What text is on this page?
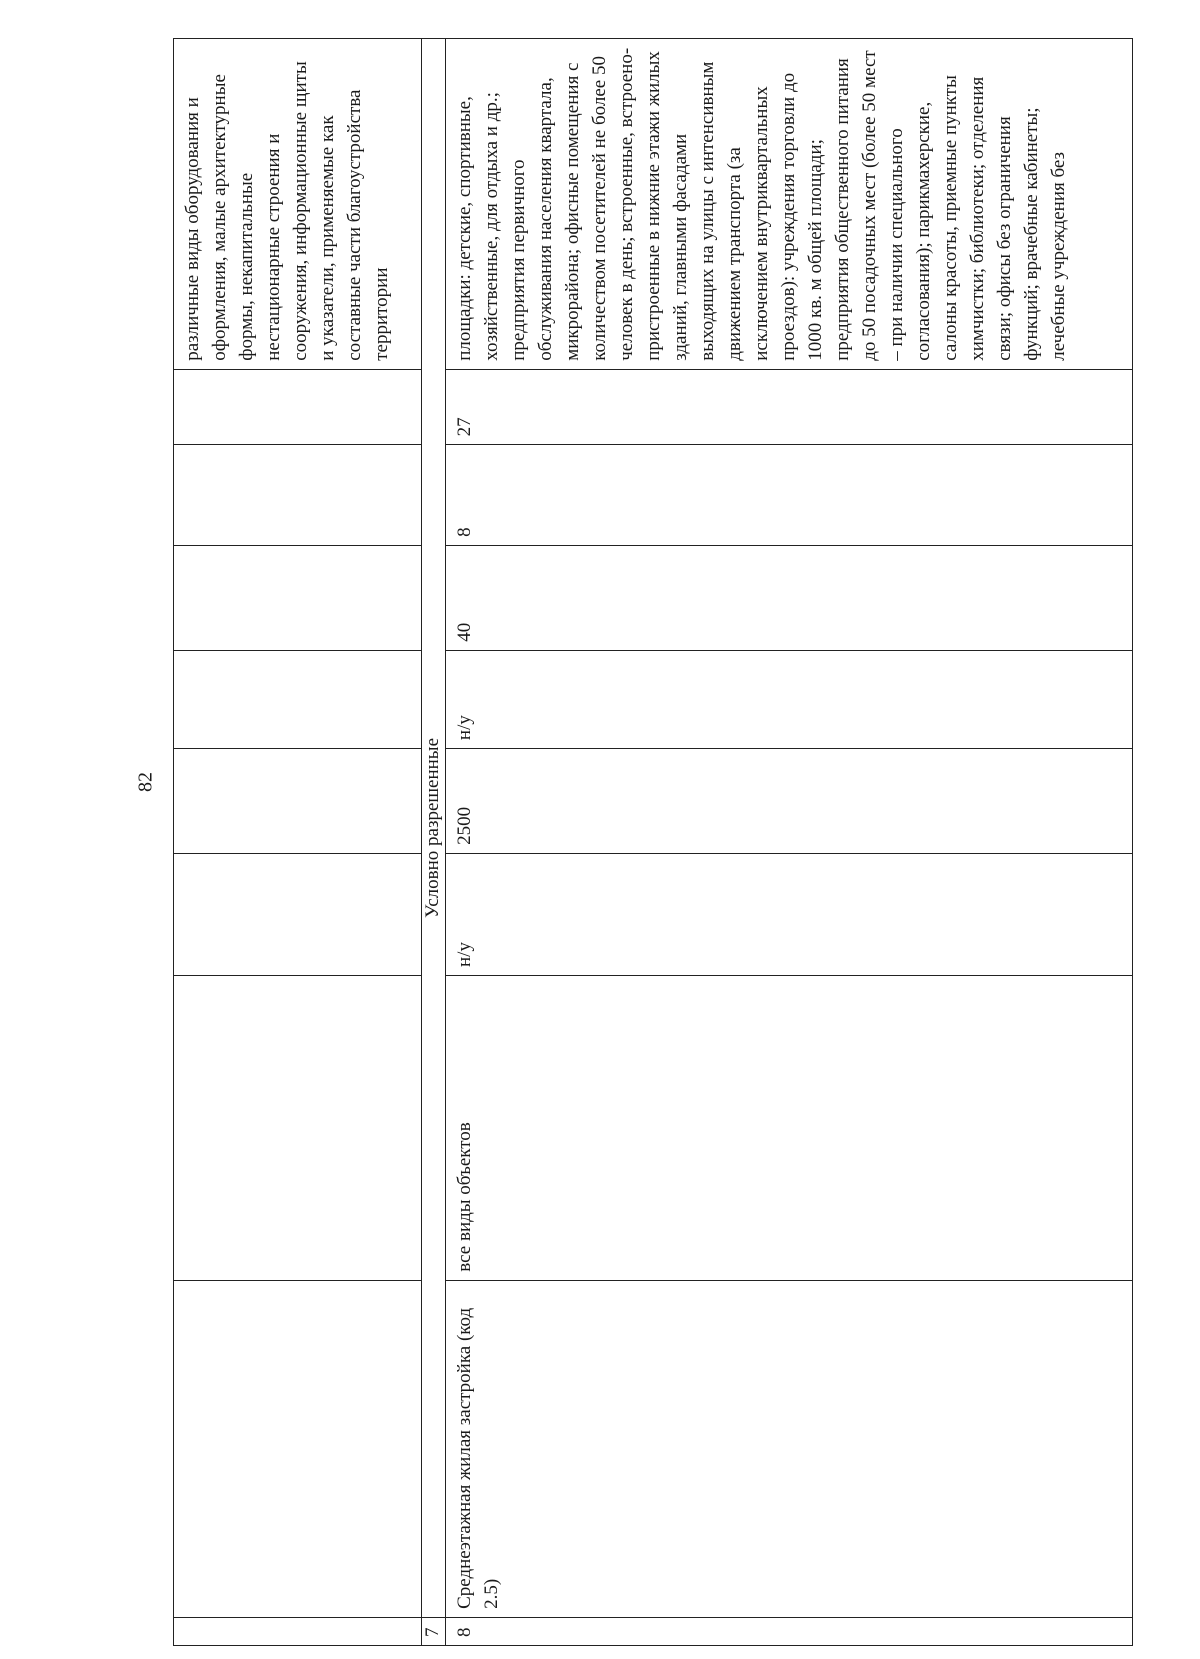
82
									различные виды оборудования и оформления, малые архитектурные формы, некапитальные нестационарные строения и сооружения, информационные щиты и указатели, применяемые как составные части благоустройства территории
7	Условно разрешенные								
8	Среднеэтажная жилая застройка (код 2.5)	все виды объектов	н/у	2500	н/у	40	8	27	площадки: детские, спортивные, хозяйственные, для отдыха и др.; предприятия первичного обслуживания населения квартала, микрорайона; офисные помещения с количеством посетителей не более 50 человек в день; встроенные, встроено-пристроенные в нижние этажи жилых зданий, главными фасадами выходящих на улицы с интенсивным движением транспорта (за исключением внутриквартальных проездов): учреждения торговли до 1000 кв. м общей площади; предприятия общественного питания до 50 посадочных мест (более 50 мест – при наличии специального согласования); парикмахерские, салоны красоты, приемные пункты химчистки; библиотеки; отделения связи; офисы без ограничения функций; врачебные кабинеты; лечебные учреждения без
